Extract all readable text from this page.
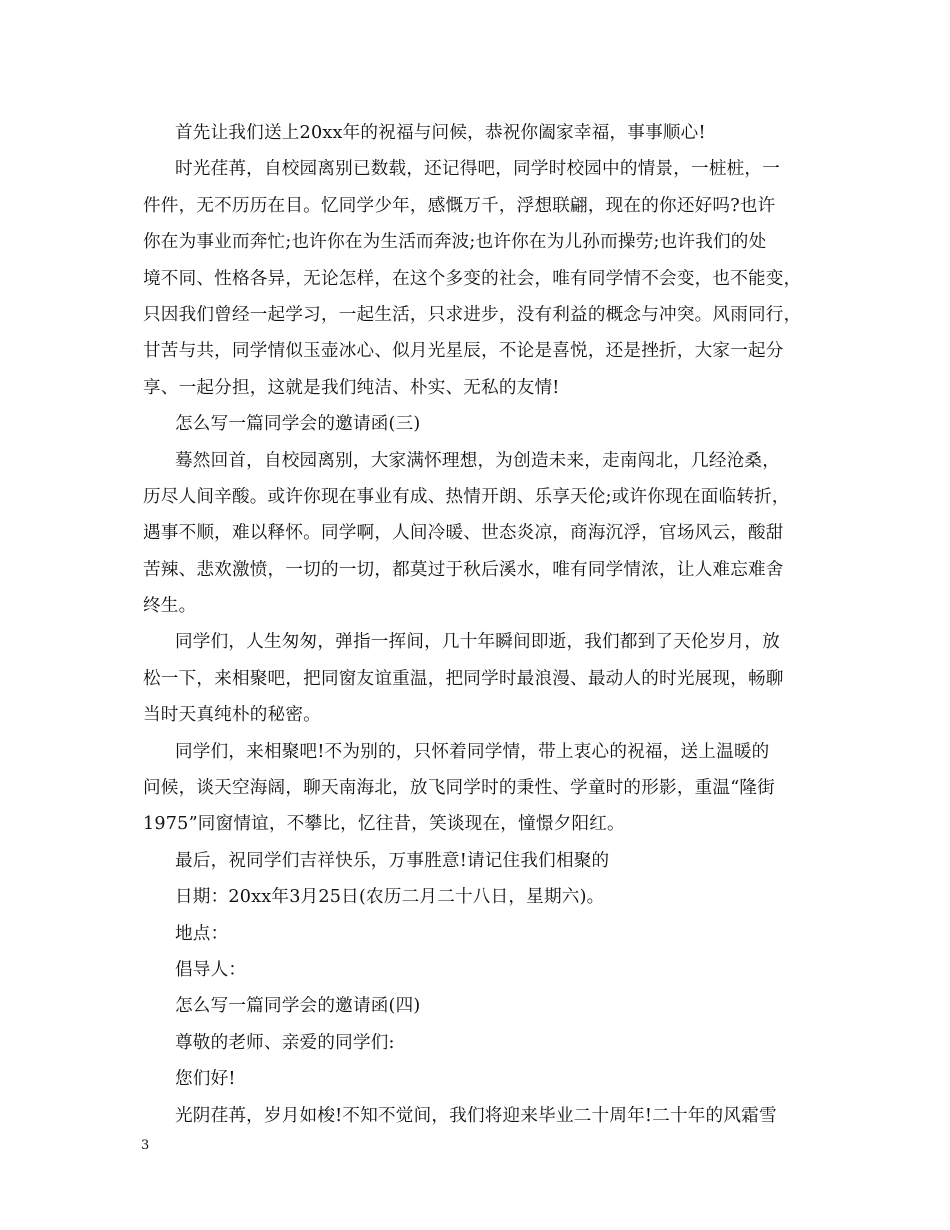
首先让我们送上20xx年的祝福与问候，恭祝你阖家幸福，事事顺心!
时光荏苒，自校园离别已数载，还记得吧，同学时校园中的情景，一桩桩，一
件件，无不历历在目。忆同学少年，感慨万千，浮想联翩，现在的你还好吗?也许
你在为事业而奔忙;也许你在为生活而奔波;也许你在为儿孙而操劳;也许我们的处
境不同、性格各异，无论怎样，在这个多变的社会，唯有同学情不会变，也不能变，
只因我们曾经一起学习，一起生活，只求进步，没有利益的概念与冲突。风雨同行，
甘苦与共，同学情似玉壶冰心、似月光星辰，不论是喜悦，还是挫折，大家一起分
享、一起分担，这就是我们纯洁、朴实、无私的友情!
怎么写一篇同学会的邀请函(三)
蓦然回首，自校园离别，大家满怀理想，为创造未来，走南闯北，几经沧桑，
历尽人间辛酸。或许你现在事业有成、热情开朗、乐享天伦;或许你现在面临转折，
遇事不顺，难以释怀。同学啊，人间冷暖、世态炎凉，商海沉浮，官场风云，酸甜
苦辣、悲欢激愤，一切的一切，都莫过于秋后溪水，唯有同学情浓，让人难忘难舍
终生。
同学们，人生匆匆，弹指一挥间，几十年瞬间即逝，我们都到了天伦岁月，放
松一下，来相聚吧，把同窗友谊重温，把同学时最浪漫、最动人的时光展现，畅聊
当时天真纯朴的秘密。
同学们，来相聚吧!不为别的，只怀着同学情，带上衷心的祝福，送上温暖的
问候，谈天空海阔，聊天南海北，放飞同学时的秉性、学童时的形影，重温“隆街
1975”同窗情谊，不攀比，忆往昔，笑谈现在，憧憬夕阳红。
最后，祝同学们吉祥快乐，万事胜意!请记住我们相聚的
日期：20xx年3月25日(农历二月二十八日，星期六)。
地点：
倡导人：
怎么写一篇同学会的邀请函(四)
尊敬的老师、亲爱的同学们:
您们好!
光阴荏苒，岁月如梭!不知不觉间，我们将迎来毕业二十周年!二十年的风霜雪
3
